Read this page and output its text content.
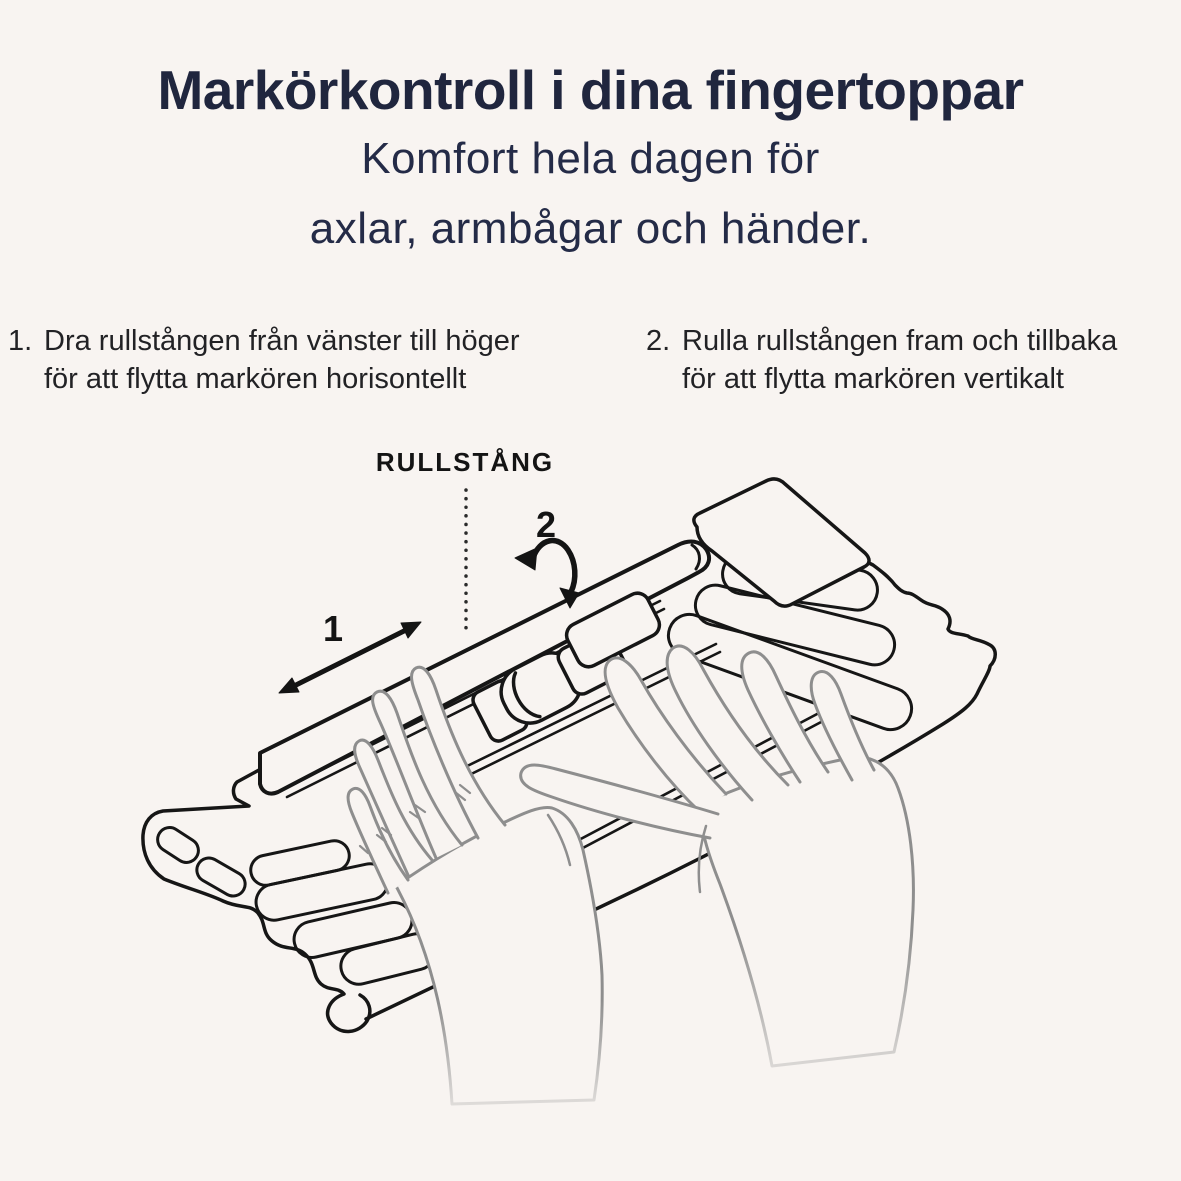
Markörkontroll i dina fingertoppar
Komfort hela dagen för
axlar, armbågar och händer.
1. Dra rullstången från vänster till höger
för att flytta markören horisontellt
2. Rulla rullstången fram och tillbaka
för att flytta markören vertikalt
RULLSTÅNG
1
2
